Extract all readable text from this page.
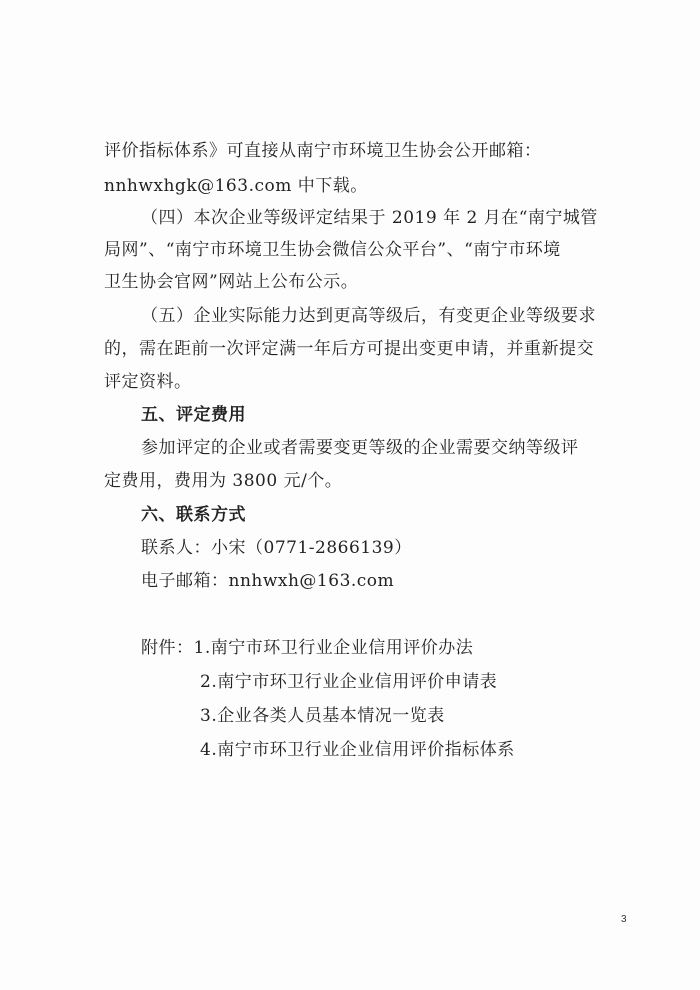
评价指标体系》可直接从南宁市环境卫生协会公开邮箱：
nnhwxhgk@163.com 中下载。
（四）本次企业等级评定结果于 2019 年 2 月在“南宁城管
局网”、“南宁市环境卫生协会微信公众平台”、“南宁市环境
卫生协会官网”网站上公布公示。
（五）企业实际能力达到更高等级后，有变更企业等级要求
的，需在距前一次评定满一年后方可提出变更申请，并重新提交
评定资料。
五、评定费用
参加评定的企业或者需要变更等级的企业需要交纳等级评
定费用，费用为 3800 元/个。
六、联系方式
联系人：小宋（0771-2866139）
电子邮箱：nnhwxh@163.com
附件：1.南宁市环卫行业企业信用评价办法
2.南宁市环卫行业企业信用评价申请表
3.企业各类人员基本情况一览表
4.南宁市环卫行业企业信用评价指标体系
3
